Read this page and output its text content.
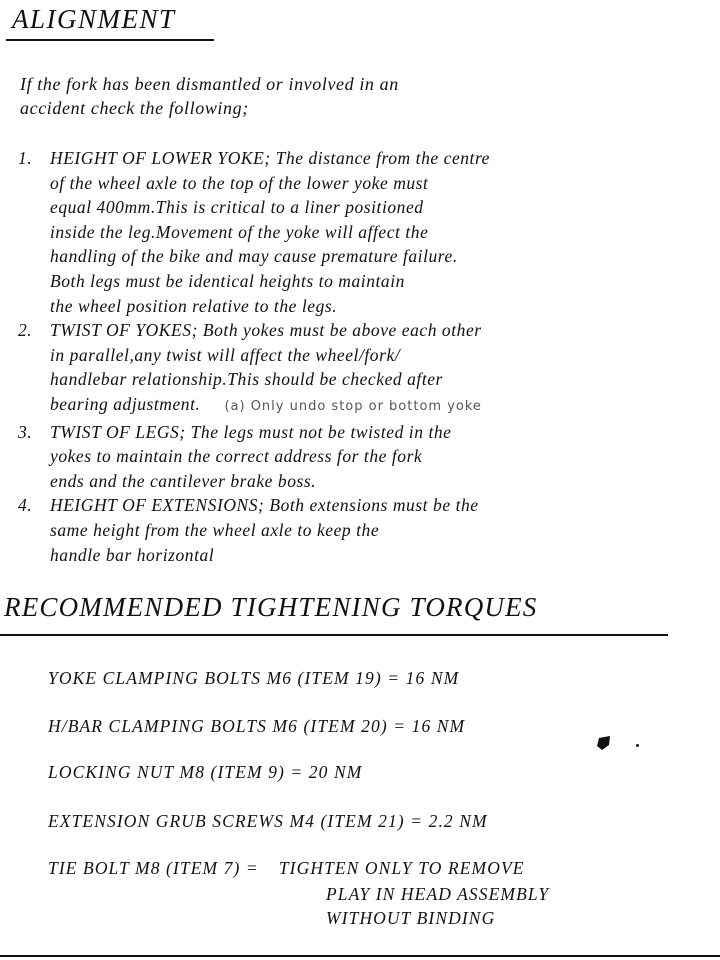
ALIGNMENT
If the fork has been dismantled or involved in an
accident check the following;
1. HEIGHT OF LOWER YOKE; The distance from the centre
of the wheel axle to the top of the lower yoke must
equal 400mm.This is critical to a liner positioned
inside the leg.Movement of the yoke will affect the
handling of the bike and may cause premature failure.
Both legs must be identical heights to maintain
the wheel position relative to the legs.
2. TWIST OF YOKES; Both yokes must be above each other
in parallel,any twist will affect the wheel/fork/
handlebar relationship.This should be checked after
bearing adjustment. (a) Only undo stop or bottom yoke
3. TWIST OF LEGS; The legs must not be twisted in the
yokes to maintain the correct address for the fork
ends and the cantilever brake boss.
4. HEIGHT OF EXTENSIONS; Both extensions must be the
same height from the wheel axle to keep the
handle bar horizontal
RECOMMENDED TIGHTENING TORQUES

YOKE CLAMPING BOLTS M6 (ITEM 19) = 16 NM

H/BAR CLAMPING BOLTS M6 (ITEM 20) = 16 NM

LOCKING NUT M8 (ITEM 9) = 20 NM

EXTENSION GRUB SCREWS M4 (ITEM 21) = 2.2 NM

TIE BOLT M8 (ITEM 7) = TIGHTEN ONLY TO REMOVE

PLAY IN HEAD ASSEMBLY

WITHOUT BINDING
